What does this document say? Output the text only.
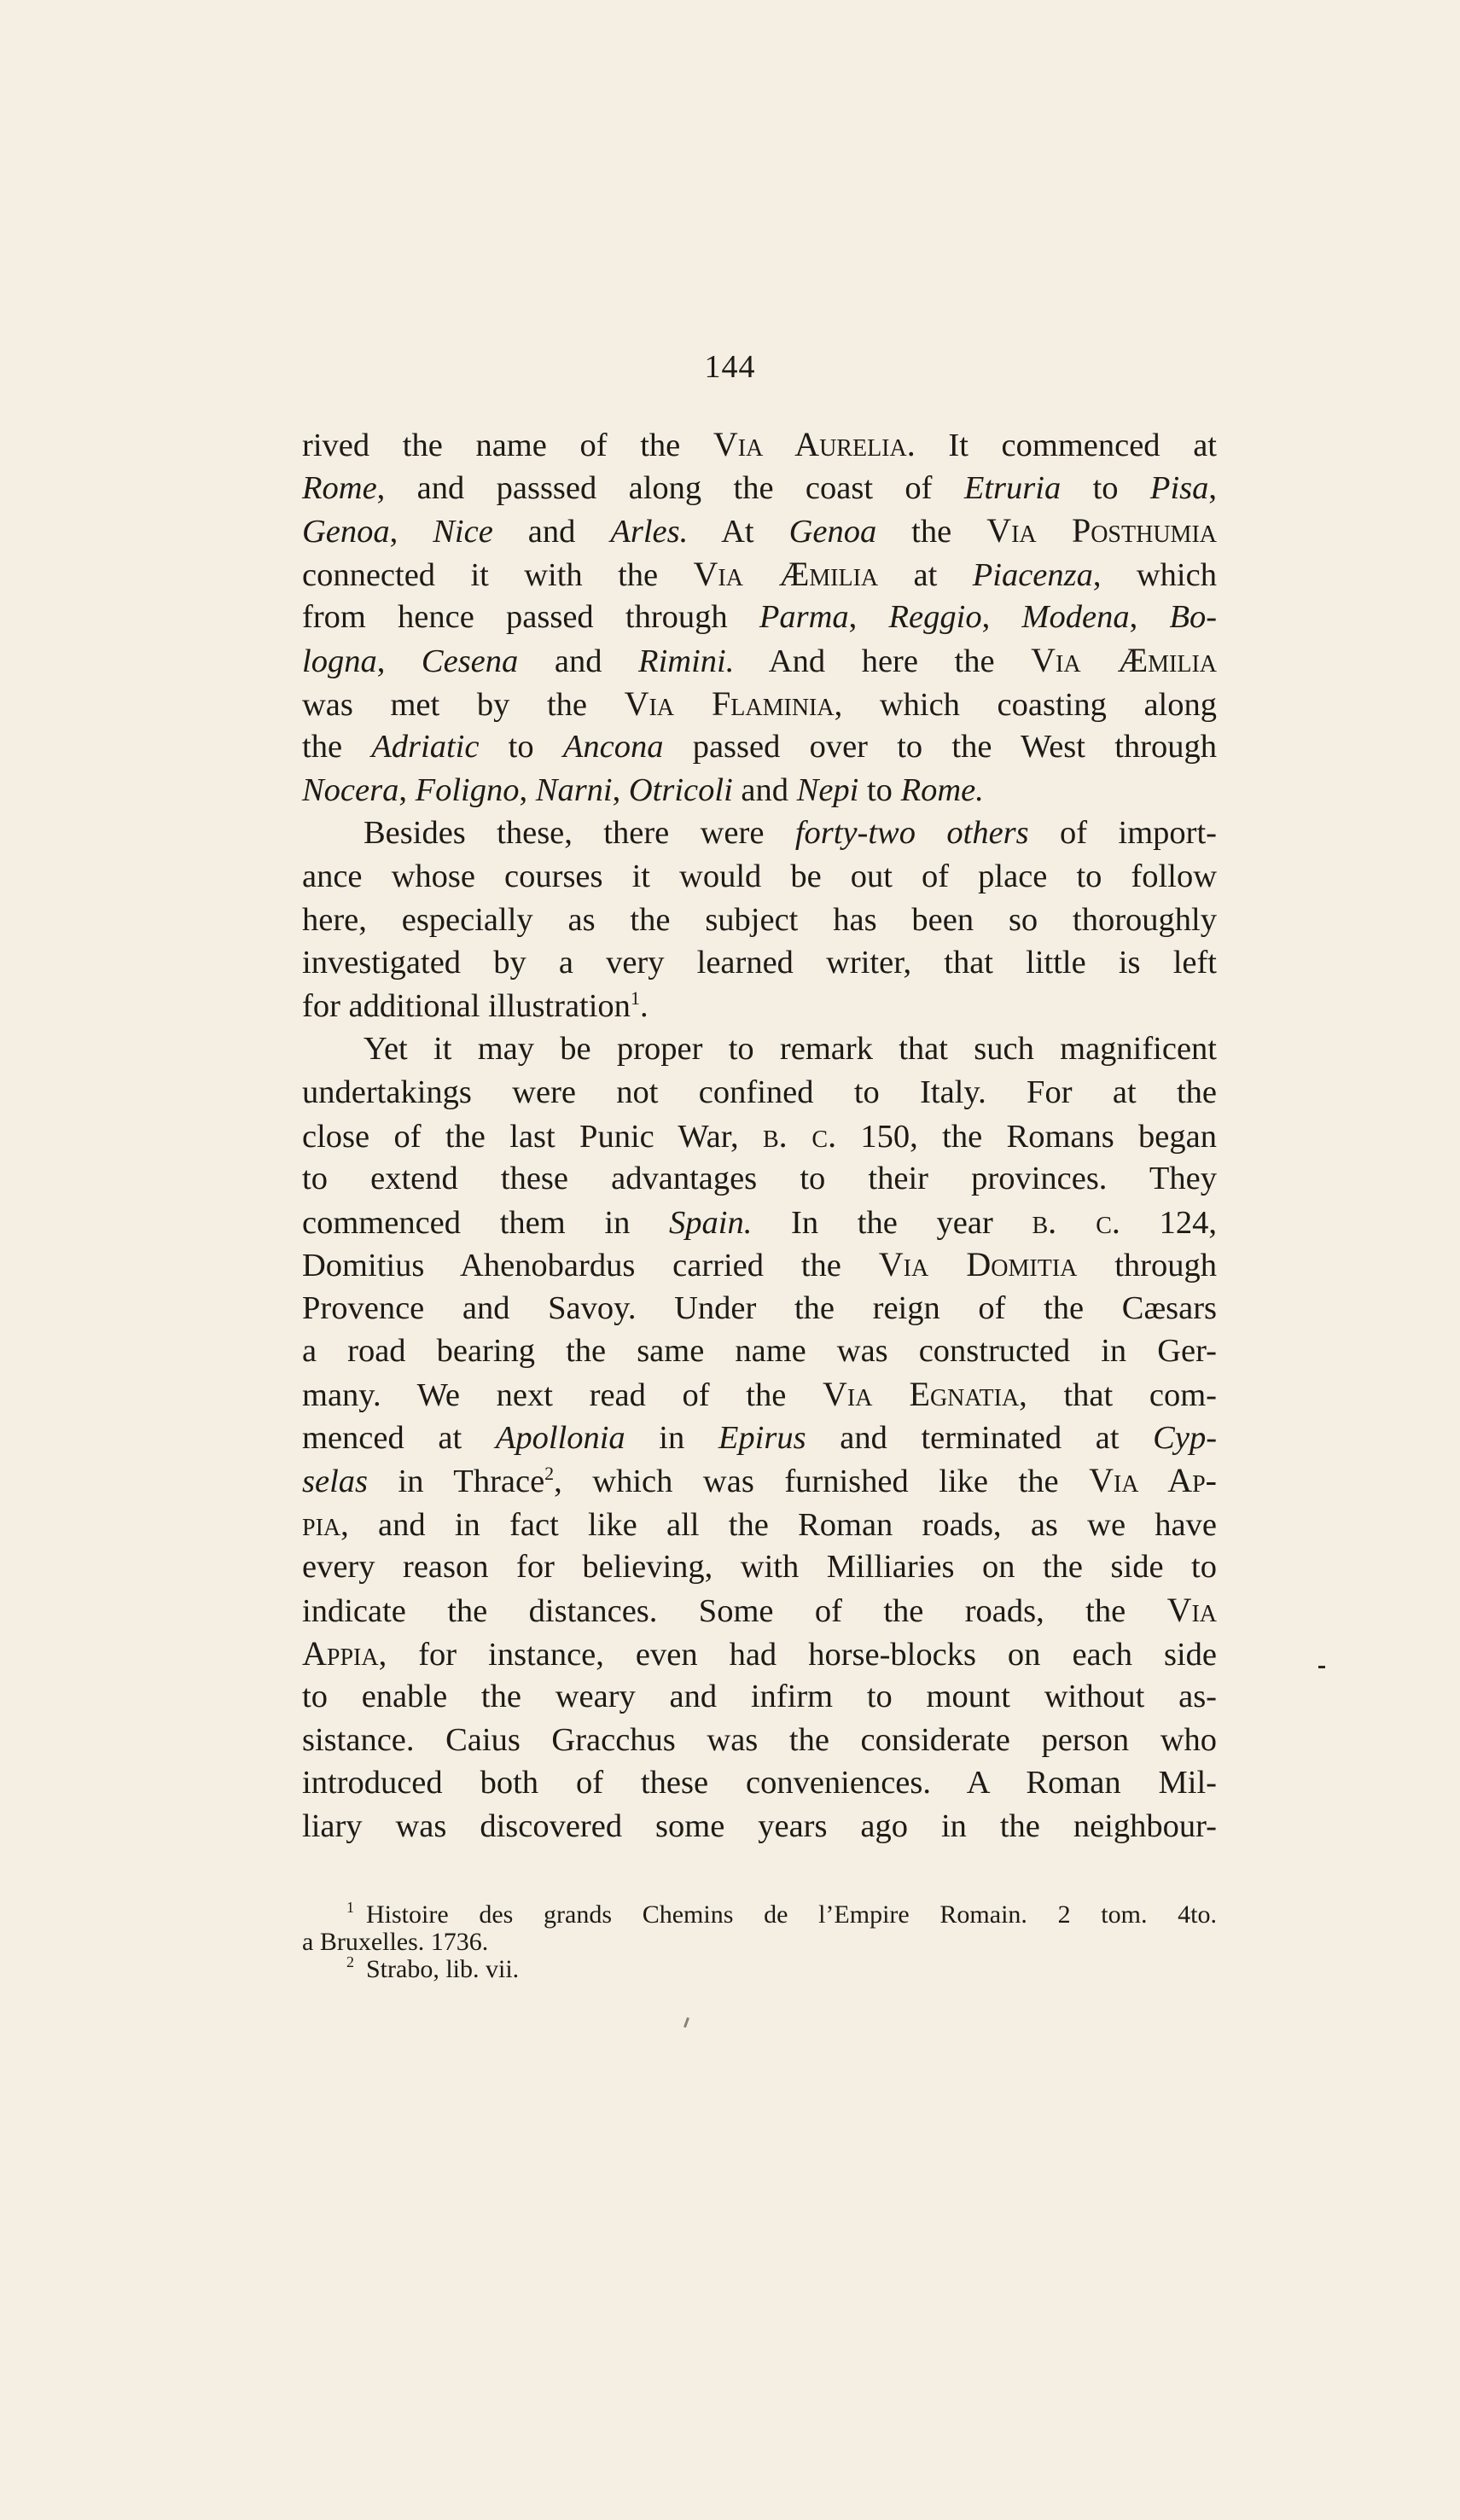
144
rived the name of the Via Aurelia. It commenced at
Rome, and passsed along the coast of Etruria to Pisa,
Genoa, Nice and Arles. At Genoa the Via Posthumia
connected it with the Via Æmilia at Piacenza, which
from hence passed through Parma, Reggio, Modena, Bo-
logna, Cesena and Rimini. And here the Via Æmilia
was met by the Via Flaminia, which coasting along
the Adriatic to Ancona passed over to the West through
Nocera, Foligno, Narni, Otricoli and Nepi to Rome.
Besides these, there were forty-two others of import-
ance whose courses it would be out of place to follow
here, especially as the subject has been so thoroughly
investigated by a very learned writer, that little is left
for additional illustration$^1$.
Yet it may be proper to remark that such magnificent
undertakings were not confined to Italy. For at the
close of the last Punic War, b. c. 150, the Romans began
to extend these advantages to their provinces. They
commenced them in Spain. In the year b. c. 124,
Domitius Ahenobardus carried the Via Domitia through
Provence and Savoy. Under the reign of the Cæsars
a road bearing the same name was constructed in Ger-
many. We next read of the Via Egnatia, that com-
menced at Apollonia in Epirus and terminated at Cyp-
selas in Thrace$^2$, which was furnished like the Via Ap-
pia, and in fact like all the Roman roads, as we have
every reason for believing, with Milliaries on the side to
indicate the distances. Some of the roads, the Via
Appia, for instance, even had horse-blocks on each side
to enable the weary and infirm to mount without as-
sistance. Caius Gracchus was the considerate person who
introduced both of these conveniences. A Roman Mil-
liary was discovered some years ago in the neighbour-
$^1$ Histoire des grands Chemins de l’Empire Romain. 2 tom. 4to.
a Bruxelles. 1736.
$^2$ Strabo, lib. vii.
